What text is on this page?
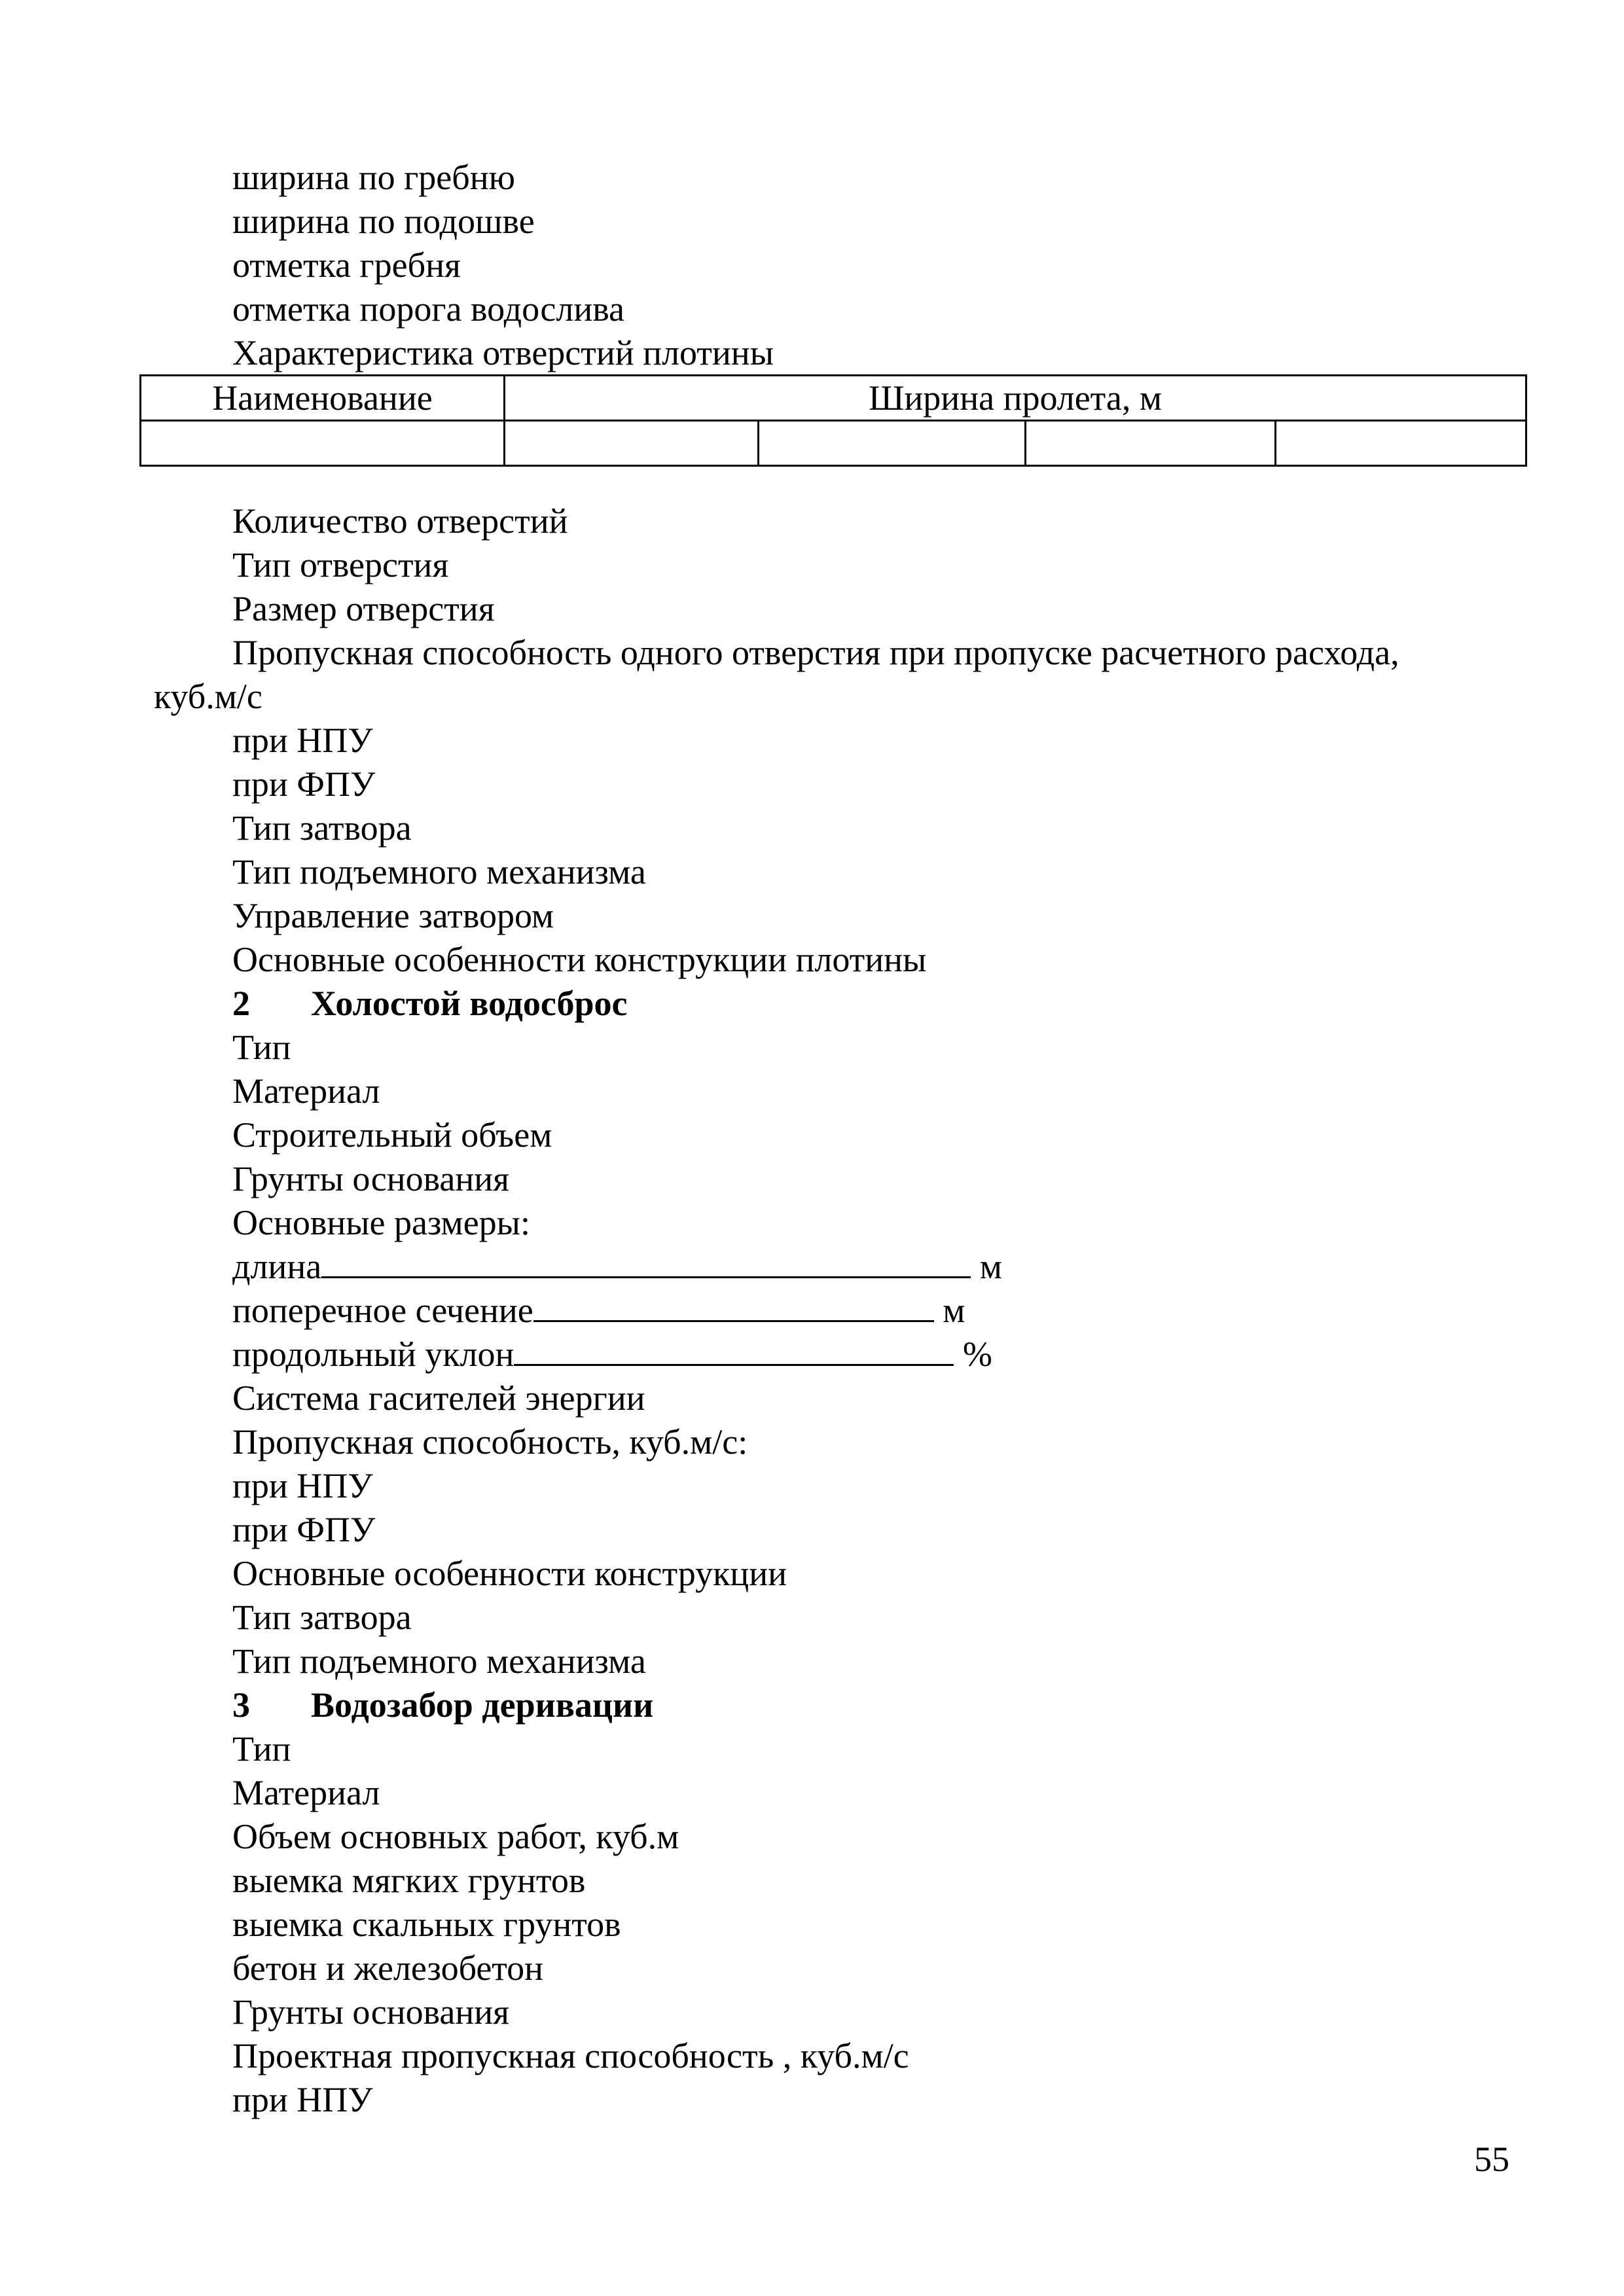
ширина по гребню
ширина по подошве
отметка гребня
отметка порога водослива
Характеристика отверстий плотины
Наименование	Ширина пролета, м			

Количество отверстий
Тип отверстия
Размер отверстия
Пропускная способность одного отверстия при пропуске расчетного расхода,
куб.м/с
при НПУ
при ФПУ
Тип затвора
Тип подъемного механизма
Управление затвором
Основные особенности конструкции плотины
2 Холостой водосброс
Тип
Материал
Строительный объем
Грунты основания
Основные размеры:
длина	м
поперечное сечение	м
продольный уклон	%
Система гасителей энергии
Пропускная способность, куб.м/с:
при НПУ
при ФПУ
Основные особенности конструкции
Тип затвора
Тип подъемного механизма
3 Водозабор деривации
Тип
Материал
Объем основных работ, куб.м
выемка мягких грунтов
выемка скальных грунтов
бетон и железобетон
Грунты основания
Проектная пропускная способность , куб.м/с
при НПУ
55
